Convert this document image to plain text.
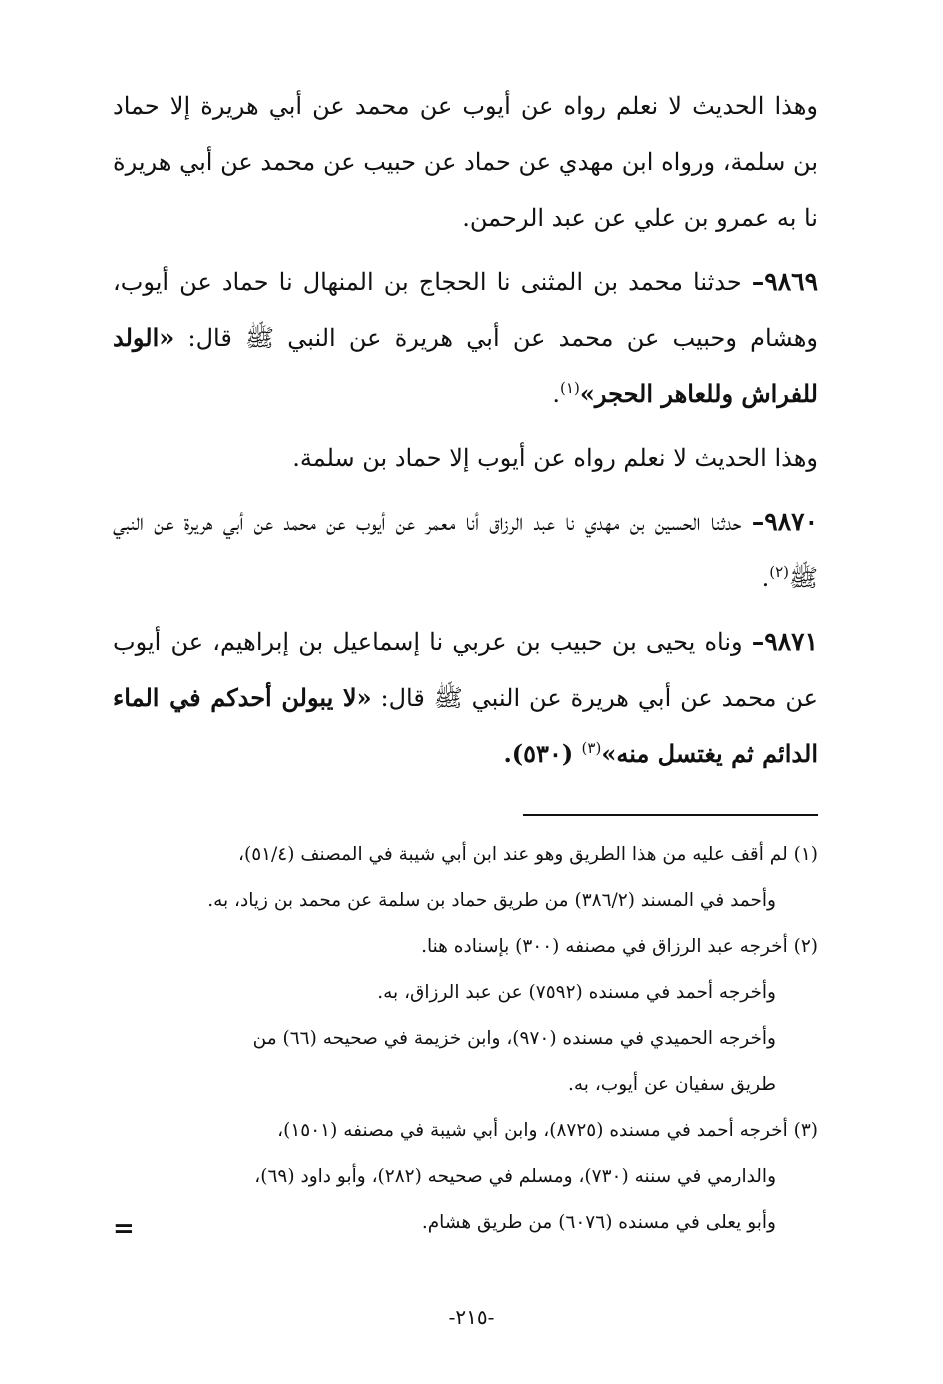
وهذا الحديث لا نعلم رواه عن أيوب عن محمد عن أبي هريرة إلا حماد بن سلمة، ورواه ابن مهدي عن حماد عن حبيب عن محمد عن أبي هريرة نا به عمرو بن علي عن عبد الرحمن.

٩٨٦٩– حدثنا محمد بن المثنى نا الحجاج بن المنهال نا حماد عن أيوب، وهشام وحبيب عن محمد عن أبي هريرة عن النبي ﷺ قال: «الولد للفراش وللعاهر الحجر»$^{(١)}$.

وهذا الحديث لا نعلم رواه عن أيوب إلا حماد بن سلمة.

٩٨٧٠– حدثنا الحسين بن مهدي نا عبد الرزاق أنا معمر عن أيوب عن محمد عن أبي هريرة عن النبي ﷺ$^{(٢)}$.

٩٨٧١– وناه يحيى بن حبيب بن عربي نا إسماعيل بن إبراهيم، عن أيوب عن محمد عن أبي هريرة عن النبي ﷺ قال: «لا يبولن أحدكم في الماء الدائم ثم يغتسل منه»$^{(٣)}$ (٥٣٠).

(١) لم أقف عليه من هذا الطريق وهو عند ابن أبي شيبة في المصنف (٥١/٤)،
وأحمد في المسند (٣٨٦/٢) من طريق حماد بن سلمة عن محمد بن زياد، به.
(٢) أخرجه عبد الرزاق في مصنفه (٣٠٠) بإسناده هنا.
وأخرجه أحمد في مسنده (٧٥٩٢) عن عبد الرزاق، به.
وأخرجه الحميدي في مسنده (٩٧٠)، وابن خزيمة في صحيحه (٦٦) من
طريق سفيان عن أيوب، به.
(٣) أخرجه أحمد في مسنده (٨٧٢٥)، وابن أبي شيبة في مصنفه (١٥٠١)،
والدارمي في سننه (٧٣٠)، ومسلم في صحيحه (٢٨٢)، وأبو داود (٦٩)،
وأبو يعلى في مسنده (٦٠٧٦) من طريق هشام.
=
-٢١٥-
